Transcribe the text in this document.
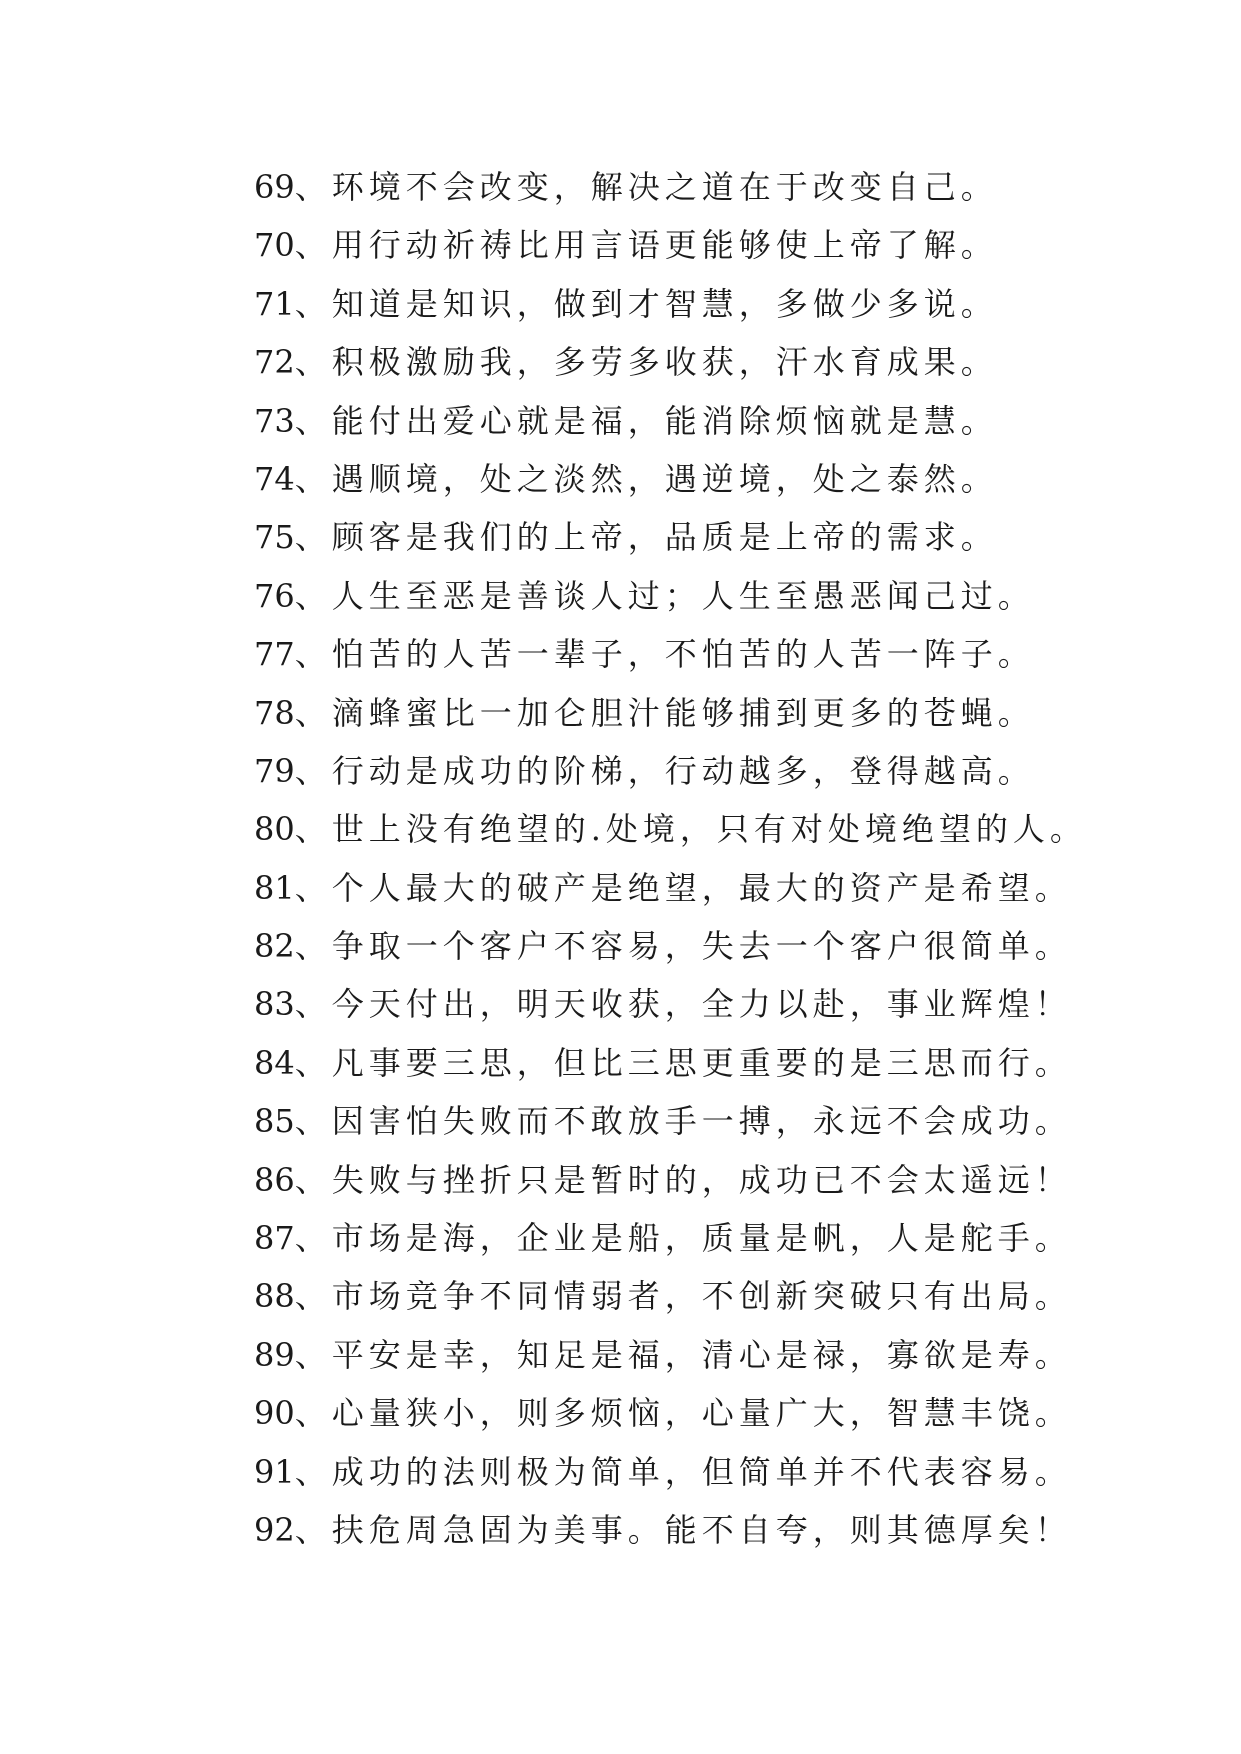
69、环境不会改变，解决之道在于改变自己。
70、用行动祈祷比用言语更能够使上帝了解。
71、知道是知识，做到才智慧，多做少多说。
72、积极激励我，多劳多收获，汗水育成果。
73、能付出爱心就是福，能消除烦恼就是慧。
74、遇顺境，处之淡然，遇逆境，处之泰然。
75、顾客是我们的上帝，品质是上帝的需求。
76、人生至恶是善谈人过；人生至愚恶闻己过。
77、怕苦的人苦一辈子，不怕苦的人苦一阵子。
78、滴蜂蜜比一加仑胆汁能够捕到更多的苍蝇。
79、行动是成功的阶梯，行动越多，登得越高。
80、世上没有绝望的.处境，只有对处境绝望的人。
81、个人最大的破产是绝望，最大的资产是希望。
82、争取一个客户不容易，失去一个客户很简单。
83、今天付出，明天收获，全力以赴，事业辉煌！
84、凡事要三思，但比三思更重要的是三思而行。
85、因害怕失败而不敢放手一搏，永远不会成功。
86、失败与挫折只是暂时的，成功已不会太遥远！
87、市场是海，企业是船，质量是帆，人是舵手。
88、市场竞争不同情弱者，不创新突破只有出局。
89、平安是幸，知足是福，清心是禄，寡欲是寿。
90、心量狭小，则多烦恼，心量广大，智慧丰饶。
91、成功的法则极为简单，但简单并不代表容易。
92、扶危周急固为美事。能不自夸，则其德厚矣！
